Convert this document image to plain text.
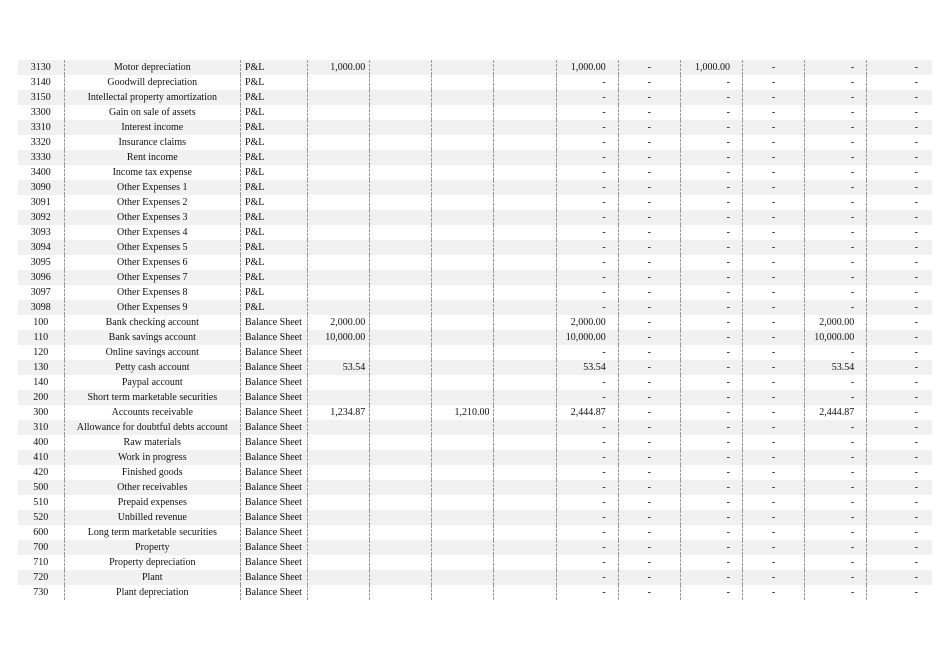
3130	Motor depreciation	P&L	1,000.00				1,000.00	-	1,000.00	-	-	-
3140	Goodwill depreciation	P&L					-	-	-	-	-	-
3150	Intellectal property amortization	P&L					-	-	-	-	-	-
3300	Gain on sale of assets	P&L					-	-	-	-	-	-
3310	Interest income	P&L					-	-	-	-	-	-
3320	Insurance claims	P&L					-	-	-	-	-	-
3330	Rent income	P&L					-	-	-	-	-	-
3400	Income tax expense	P&L					-	-	-	-	-	-
3090	Other Expenses 1	P&L					-	-	-	-	-	-
3091	Other Expenses 2	P&L					-	-	-	-	-	-
3092	Other Expenses 3	P&L					-	-	-	-	-	-
3093	Other Expenses 4	P&L					-	-	-	-	-	-
3094	Other Expenses 5	P&L					-	-	-	-	-	-
3095	Other Expenses 6	P&L					-	-	-	-	-	-
3096	Other Expenses 7	P&L					-	-	-	-	-	-
3097	Other Expenses 8	P&L					-	-	-	-	-	-
3098	Other Expenses 9	P&L					-	-	-	-	-	-
100	Bank checking account	Balance Sheet	2,000.00				2,000.00	-	-	-	2,000.00	-
110	Bank savings account	Balance Sheet	10,000.00				10,000.00	-	-	-	10,000.00	-
120	Online savings account	Balance Sheet					-	-	-	-	-	-
130	Petty cash account	Balance Sheet	53.54				53.54	-	-	-	53.54	-
140	Paypal account	Balance Sheet					-	-	-	-	-	-
200	Short term marketable securities	Balance Sheet					-	-	-	-	-	-
300	Accounts receivable	Balance Sheet	1,234.87		1,210.00		2,444.87	-	-	-	2,444.87	-
310	Allowance for doubtful debts account	Balance Sheet					-	-	-	-	-	-
400	Raw materials	Balance Sheet					-	-	-	-	-	-
410	Work in progress	Balance Sheet					-	-	-	-	-	-
420	Finished goods	Balance Sheet					-	-	-	-	-	-
500	Other receivables	Balance Sheet					-	-	-	-	-	-
510	Prepaid expenses	Balance Sheet					-	-	-	-	-	-
520	Unbilled revenue	Balance Sheet					-	-	-	-	-	-
600	Long term marketable securities	Balance Sheet					-	-	-	-	-	-
700	Property	Balance Sheet					-	-	-	-	-	-
710	Property depreciation	Balance Sheet					-	-	-	-	-	-
720	Plant	Balance Sheet					-	-	-	-	-	-
730	Plant depreciation	Balance Sheet					-	-	-	-	-	-
